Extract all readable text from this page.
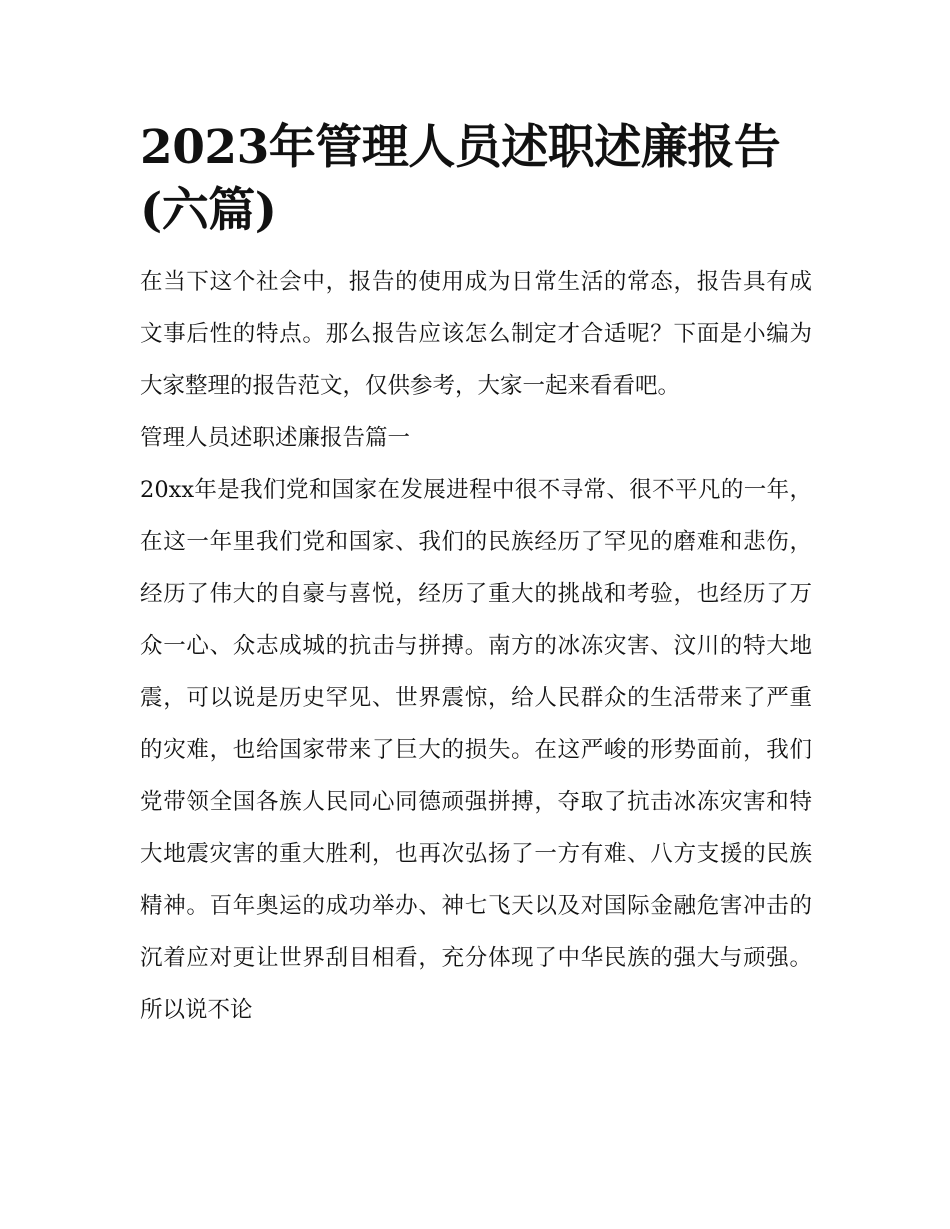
2023年管理人员述职述廉报告(六篇)

在当下这个社会中，报告的使用成为日常生活的常态，报告具有成文事后性的特点。那么报告应该怎么制定才合适呢？下面是小编为大家整理的报告范文，仅供参考，大家一起来看看吧。

管理人员述职述廉报告篇一

20xx年是我们党和国家在发展进程中很不寻常、很不平凡的一年，在这一年里我们党和国家、我们的民族经历了罕见的磨难和悲伤，经历了伟大的自豪与喜悦，经历了重大的挑战和考验，也经历了万众一心、众志成城的抗击与拼搏。南方的冰冻灾害、汶川的特大地震，可以说是历史罕见、世界震惊，给人民群众的生活带来了严重的灾难，也给国家带来了巨大的损失。在这严峻的形势面前，我们党带领全国各族人民同心同德顽强拼搏，夺取了抗击冰冻灾害和特大地震灾害的重大胜利，也再次弘扬了一方有难、八方支援的民族精神。百年奥运的成功举办、神七飞天以及对国际金融危害冲击的沉着应对更让世界刮目相看，充分体现了中华民族的强大与顽强。所以说不论
